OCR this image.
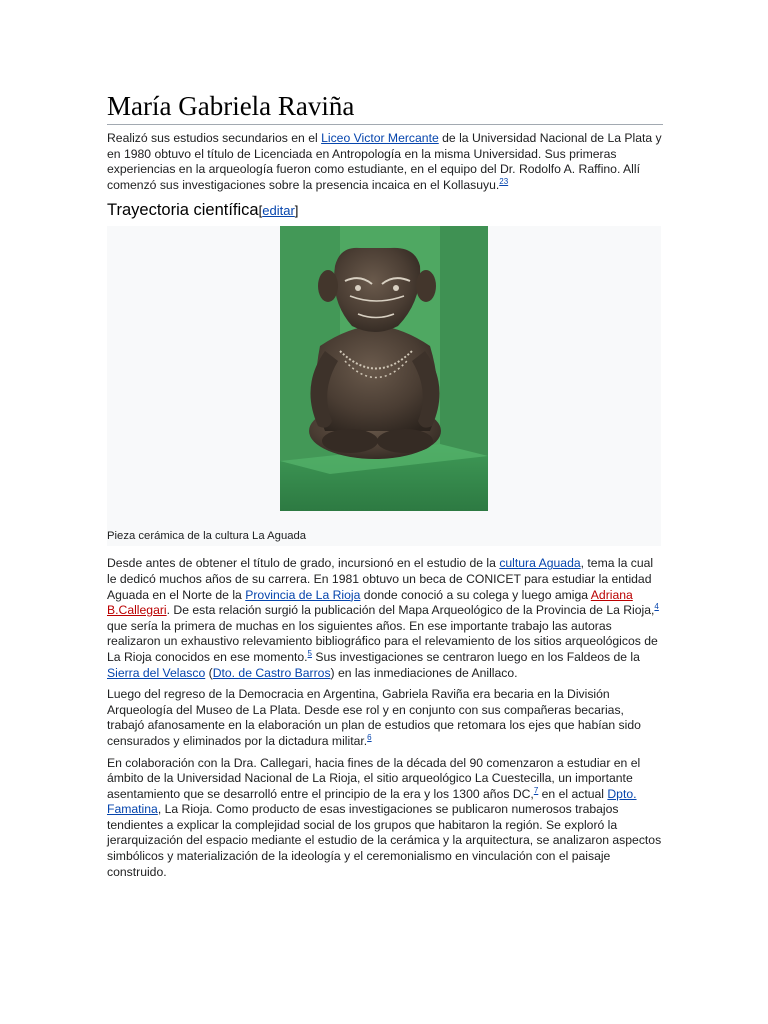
María Gabriela Raviña

Realizó sus estudios secundarios en el Liceo Victor Mercante de la Universidad Nacional de La Plata y en 1980 obtuvo el título de Licenciada en Antropología en la misma Universidad. Sus primeras experiencias en la arqueología fueron como estudiante, en el equipo del Dr. Rodolfo A. Raffino. Allí comenzó sus investigaciones sobre la presencia incaica en el Kollasuyu.$^{23}$

Trayectoria científica[editar]
Pieza cerámica de la cultura La Aguada

Desde antes de obtener el título de grado, incursionó en el estudio de la cultura Aguada, tema la cual le dedicó muchos años de su carrera. En 1981 obtuvo un beca de CONICET para estudiar la entidad Aguada en el Norte de la Provincia de La Rioja donde conoció a su colega y luego amiga Adriana B.Callegari. De esta relación surgió la publicación del Mapa Arqueológico de la Provincia de La Rioja,$^4$ que sería la primera de muchas en los siguientes años. En ese importante trabajo las autoras realizaron un exhaustivo relevamiento bibliográfico para el relevamiento de los sitios arqueológicos de La Rioja conocidos en ese momento.$^5$ Sus investigaciones se centraron luego en los Faldeos de la Sierra del Velasco (Dto. de Castro Barros) en las inmediaciones de Anillaco.

Luego del regreso de la Democracia en Argentina, Gabriela Raviña era becaria en la División Arqueología del Museo de La Plata. Desde ese rol y en conjunto con sus compañeras becarias, trabajó afanosamente en la elaboración un plan de estudios que retomara los ejes que habían sido censurados y eliminados por la dictadura militar.$^6$

En colaboración con la Dra. Callegari, hacia fines de la década del 90 comenzaron a estudiar en el ámbito de la Universidad Nacional de La Rioja, el sitio arqueológico La Cuestecilla, un importante asentamiento que se desarrolló entre el principio de la era y los 1300 años DC,$^7$ en el actual Dpto. Famatina, La Rioja. Como producto de esas investigaciones se publicaron numerosos trabajos tendientes a explicar la complejidad social de los grupos que habitaron la región. Se exploró la jerarquización del espacio mediante el estudio de la cerámica y la arquitectura, se analizaron aspectos simbólicos y materialización de la ideología y el ceremonialismo en vinculación con el paisaje construido.
